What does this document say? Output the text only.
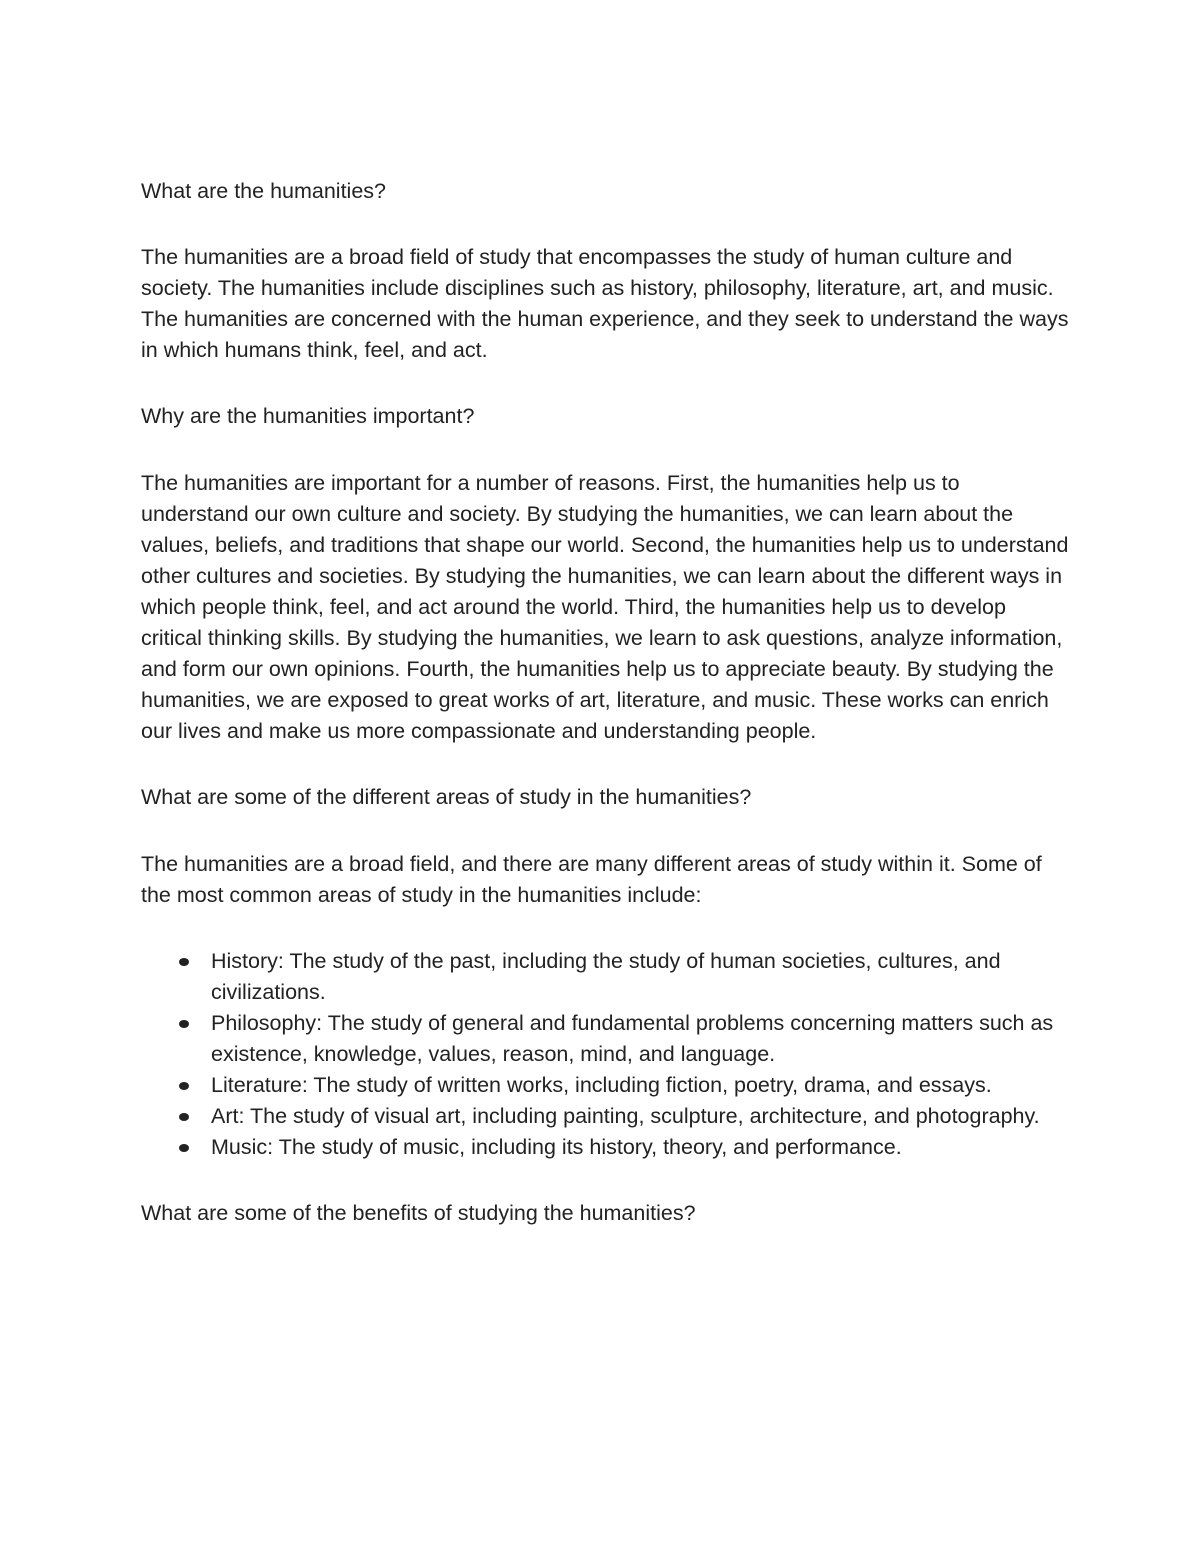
What are the humanities?

The humanities are a broad field of study that encompasses the study of human culture and society. The humanities include disciplines such as history, philosophy, literature, art, and music. The humanities are concerned with the human experience, and they seek to understand the ways in which humans think, feel, and act.

Why are the humanities important?

The humanities are important for a number of reasons. First, the humanities help us to understand our own culture and society. By studying the humanities, we can learn about the values, beliefs, and traditions that shape our world. Second, the humanities help us to understand other cultures and societies. By studying the humanities, we can learn about the different ways in which people think, feel, and act around the world. Third, the humanities help us to develop critical thinking skills. By studying the humanities, we learn to ask questions, analyze information, and form our own opinions. Fourth, the humanities help us to appreciate beauty. By studying the humanities, we are exposed to great works of art, literature, and music. These works can enrich our lives and make us more compassionate and understanding people.

What are some of the different areas of study in the humanities?

The humanities are a broad field, and there are many different areas of study within it. Some of the most common areas of study in the humanities include:

History: The study of the past, including the study of human societies, cultures, and civilizations.
Philosophy: The study of general and fundamental problems concerning matters such as existence, knowledge, values, reason, mind, and language.
Literature: The study of written works, including fiction, poetry, drama, and essays.
Art: The study of visual art, including painting, sculpture, architecture, and photography.
Music: The study of music, including its history, theory, and performance.

What are some of the benefits of studying the humanities?
